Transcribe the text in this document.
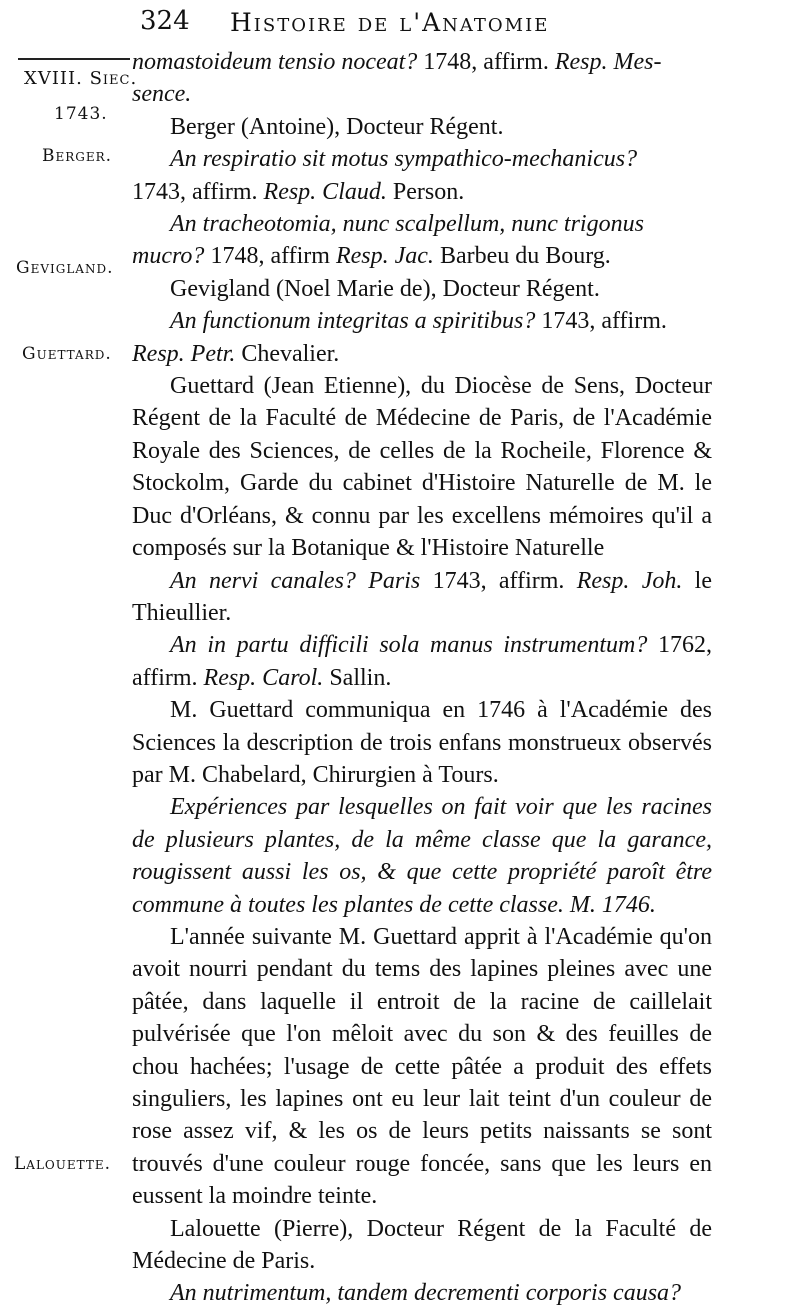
324 Histoire de l'Anatomie
XVIII. Siec.
1743.
Berger.
Gevigland.
Guettard.
Lalouette.

nomastoideum tensio noceat? 1748, affirm. Resp. Mes-

sence.

Berger (Antoine), Docteur Régent.

An respiratio sit motus sympathico-mechanicus?

1743, affirm. Resp. Claud. Person.

An tracheotomia, nunc scalpellum, nunc trigonus

mucro? 1748, affirm Resp. Jac. Barbeu du Bourg.

Gevigland (Noel Marie de), Docteur Régent.

An functionum integritas a spiritibus? 1743, affirm.

Resp. Petr. Chevalier.

Guettard (Jean Etienne), du Diocèse de Sens, Docteur Régent de la Faculté de Médecine de Paris, de l'Académie Royale des Sciences, de celles de la Rocheile, Florence & Stockolm, Garde du cabinet d'Histoire Naturelle de M. le Duc d'Orléans, & connu par les excellens mémoires qu'il a composés sur la Botanique & l'Histoire Naturelle

An nervi canales? Paris 1743, affirm. Resp. Joh. le Thieullier.

An in partu difficili sola manus instrumentum? 1762, affirm. Resp. Carol. Sallin.

M. Guettard communiqua en 1746 à l'Académie des Sciences la description de trois enfans monstrueux observés par M. Chabelard, Chirurgien à Tours.

Expériences par lesquelles on fait voir que les racines de plusieurs plantes, de la même classe que la garance, rougissent aussi les os, & que cette propriété paroît être commune à toutes les plantes de cette classe. M. 1746.

L'année suivante M. Guettard apprit à l'Académie qu'on avoit nourri pendant du tems des lapines pleines avec une pâtée, dans laquelle il entroit de la racine de caillelait pulvérisée que l'on mêloit avec du son & des feuilles de chou hachées; l'usage de cette pâtée a produit des effets singuliers, les lapines ont eu leur lait teint d'un couleur de rose assez vif, & les os de leurs petits naissants se sont trouvés d'une couleur rouge foncée, sans que les leurs en eussent la moindre teinte.

Lalouette (Pierre), Docteur Régent de la Faculté de Médecine de Paris.

An nutrimentum, tandem decrementi corporis causa?
